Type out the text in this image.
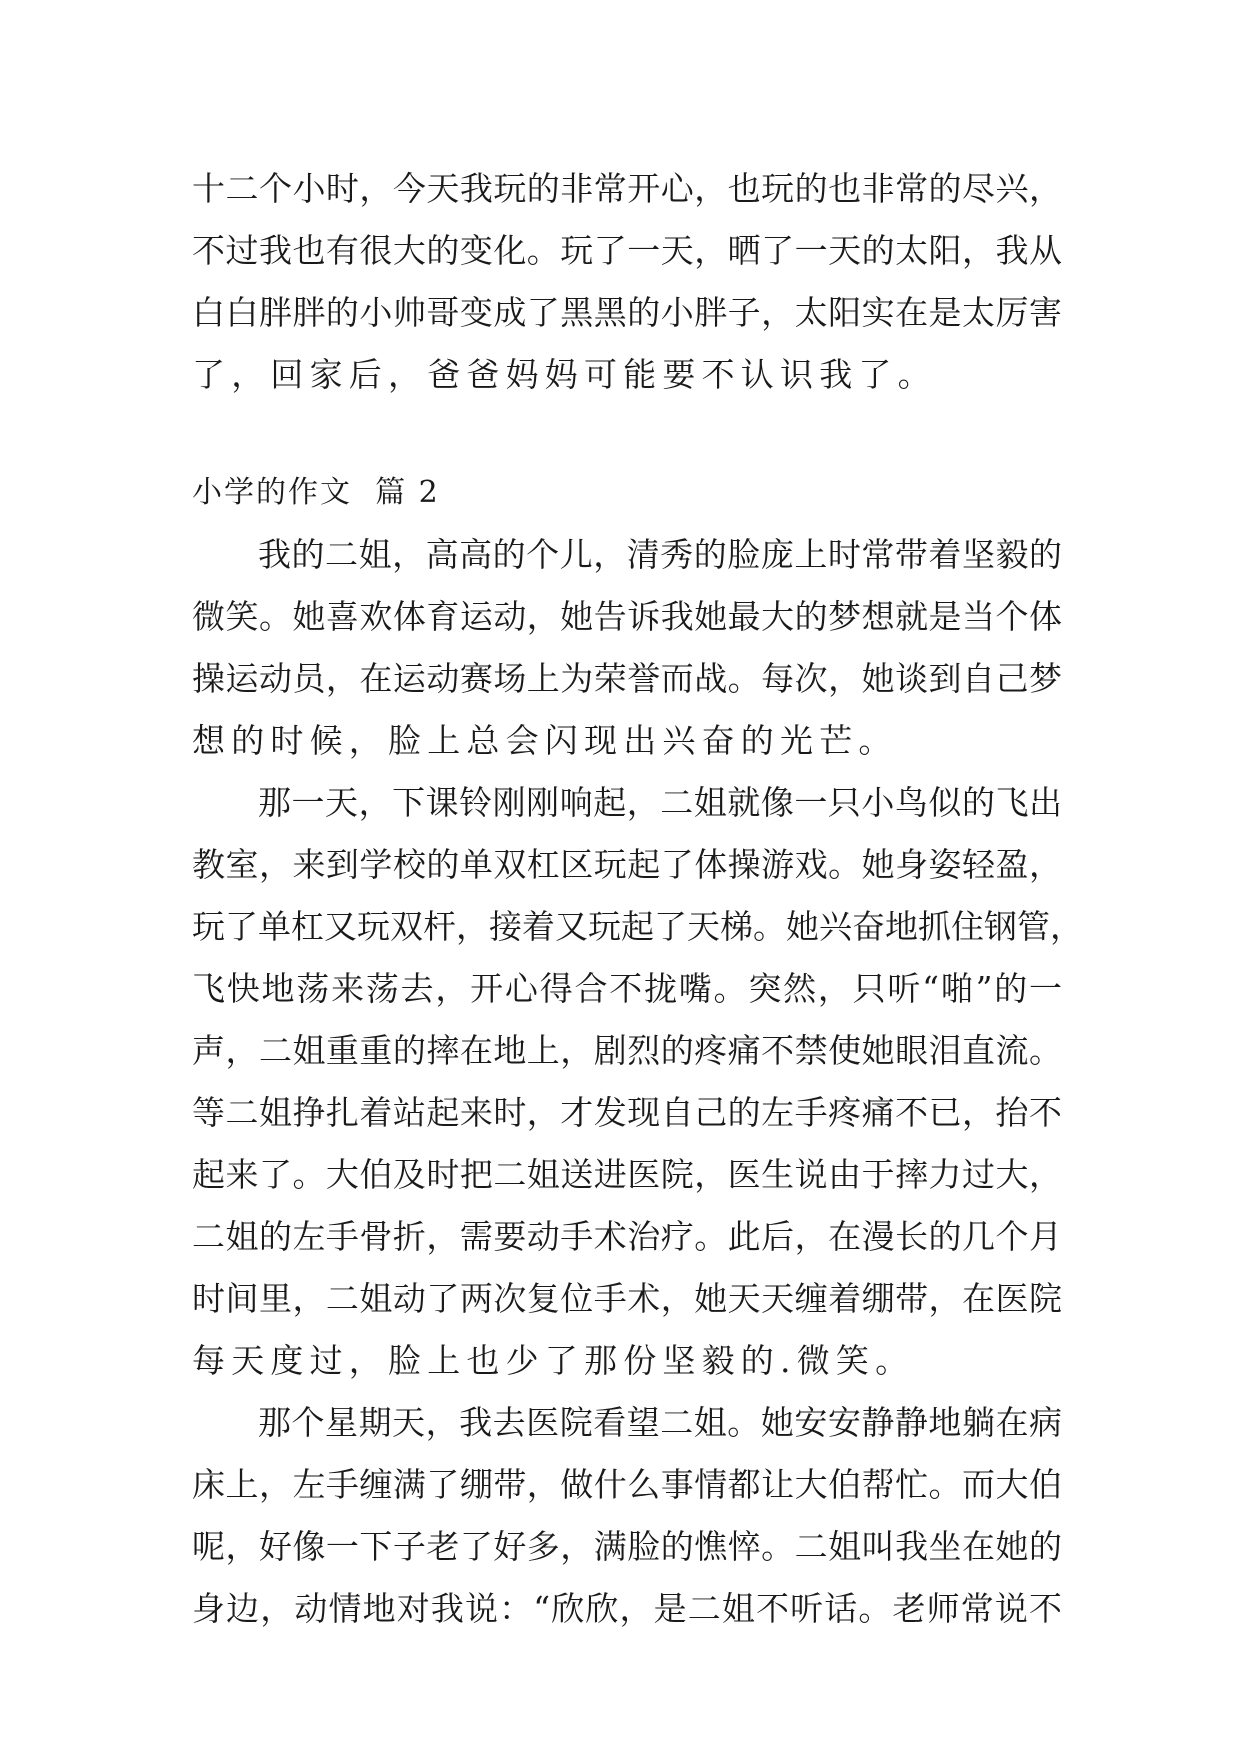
十二个小时，今天我玩的非常开心，也玩的也非常的尽兴，
不过我也有很大的变化。玩了一天，晒了一天的太阳，我从
白白胖胖的小帅哥变成了黑黑的小胖子，太阳实在是太厉害
了，回家后，爸爸妈妈可能要不认识我了。
小学的作文  篇 2
我的二姐，高高的个儿，清秀的脸庞上时常带着坚毅的
微笑。她喜欢体育运动，她告诉我她最大的梦想就是当个体
操运动员，在运动赛场上为荣誉而战。每次，她谈到自己梦
想的时候，脸上总会闪现出兴奋的光芒。
那一天，下课铃刚刚响起，二姐就像一只小鸟似的飞出
教室，来到学校的单双杠区玩起了体操游戏。她身姿轻盈，
玩了单杠又玩双杆，接着又玩起了天梯。她兴奋地抓住钢管，
飞快地荡来荡去，开心得合不拢嘴。突然，只听“啪”的一
声，二姐重重的摔在地上，剧烈的疼痛不禁使她眼泪直流。
等二姐挣扎着站起来时，才发现自己的左手疼痛不已，抬不
起来了。大伯及时把二姐送进医院，医生说由于摔力过大，
二姐的左手骨折，需要动手术治疗。此后，在漫长的几个月
时间里，二姐动了两次复位手术，她天天缠着绷带，在医院
每天度过，脸上也少了那份坚毅的.微笑。
那个星期天，我去医院看望二姐。她安安静静地躺在病
床上，左手缠满了绷带，做什么事情都让大伯帮忙。而大伯
呢，好像一下子老了好多，满脸的憔悴。二姐叫我坐在她的
身边，动情地对我说：“欣欣，是二姐不听话。老师常说不
